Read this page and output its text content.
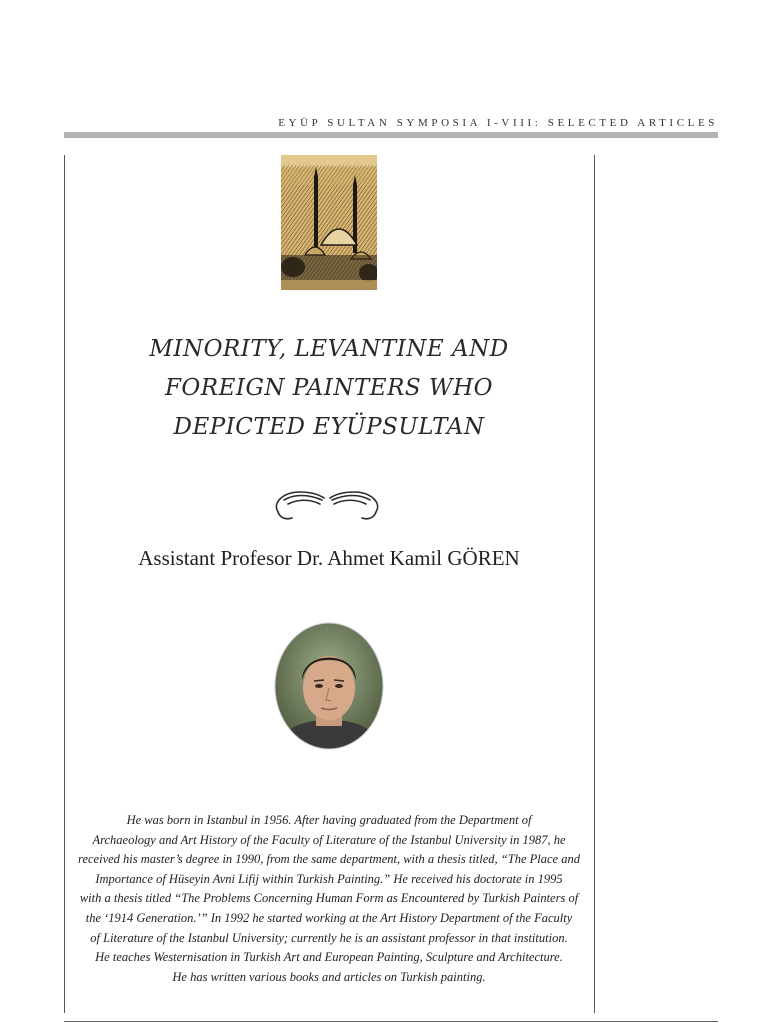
EYÜP SULTAN SYMPOSIA I-VIII: SELECTED ARTICLES
MINORITY, LEVANTINE AND
FOREIGN PAINTERS WHO
DEPICTED EYÜPSULTAN
Assistant Profesor Dr. Ahmet Kamil GÖREN
He was born in Istanbul in 1956. After having graduated from the Department of
Archaeology and Art History of the Faculty of Literature of the Istanbul University in 1987, he
received his master’s degree in 1990, from the same department, with a thesis titled, “The Place and
Importance of Hüseyin Avni Lifij within Turkish Painting.” He received his doctorate in 1995
with a thesis titled “The Problems Concerning Human Form as Encountered by Turkish Painters of
the ‘1914 Generation.’” In 1992 he started working at the Art History Department of the Faculty
of Literature of the Istanbul University; currently he is an assistant professor in that institution.
He teaches Westernisation in Turkish Art and European Painting, Sculpture and Architecture.
He has written various books and articles on Turkish painting.
